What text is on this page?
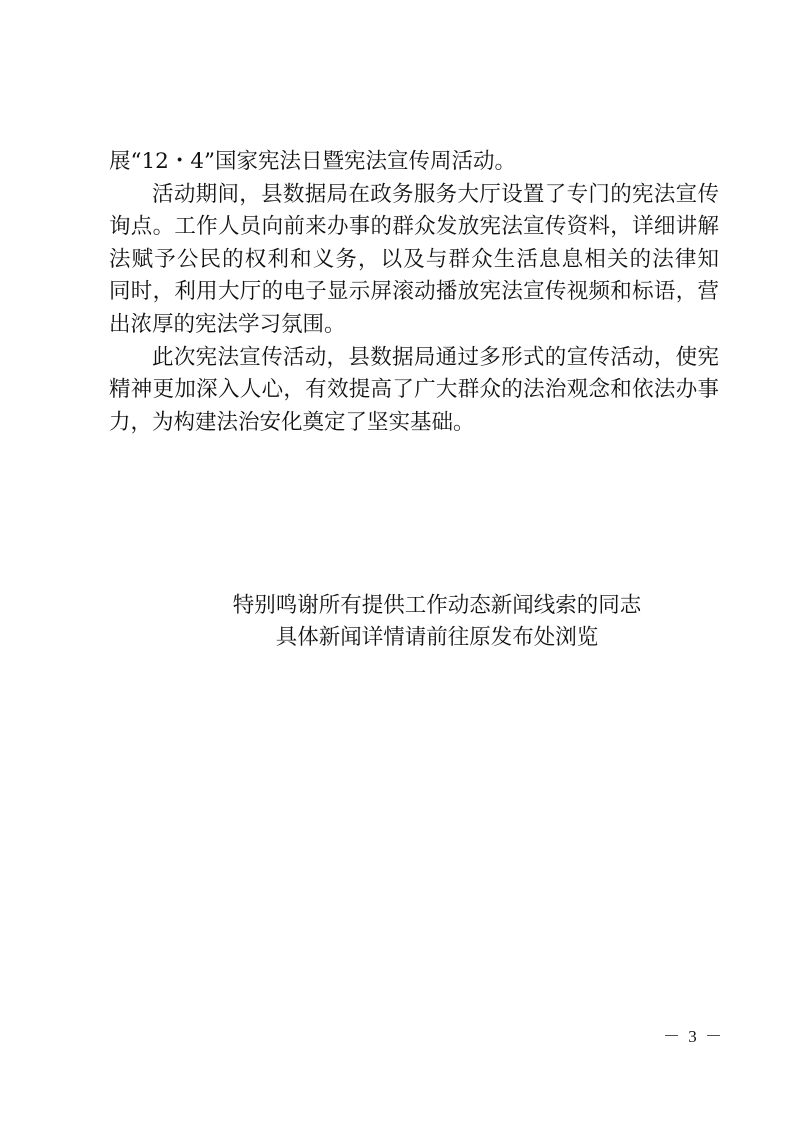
展“12・4”国家宪法日暨宪法宣传周活动。
活动期间，县数据局在政务服务大厅设置了专门的宪法宣传
询点。工作人员向前来办事的群众发放宪法宣传资料，详细讲解
法赋予公民的权利和义务，以及与群众生活息息相关的法律知
同时，利用大厅的电子显示屏滚动播放宪法宣传视频和标语，营
出浓厚的宪法学习氛围。
此次宪法宣传活动，县数据局通过多形式的宣传活动，使宪
精神更加深入人心，有效提高了广大群众的法治观念和依法办事
力，为构建法治安化奠定了坚实基础。
特别鸣谢所有提供工作动态新闻线索的同志
具体新闻详情请前往原发布处浏览
－ 3 －
